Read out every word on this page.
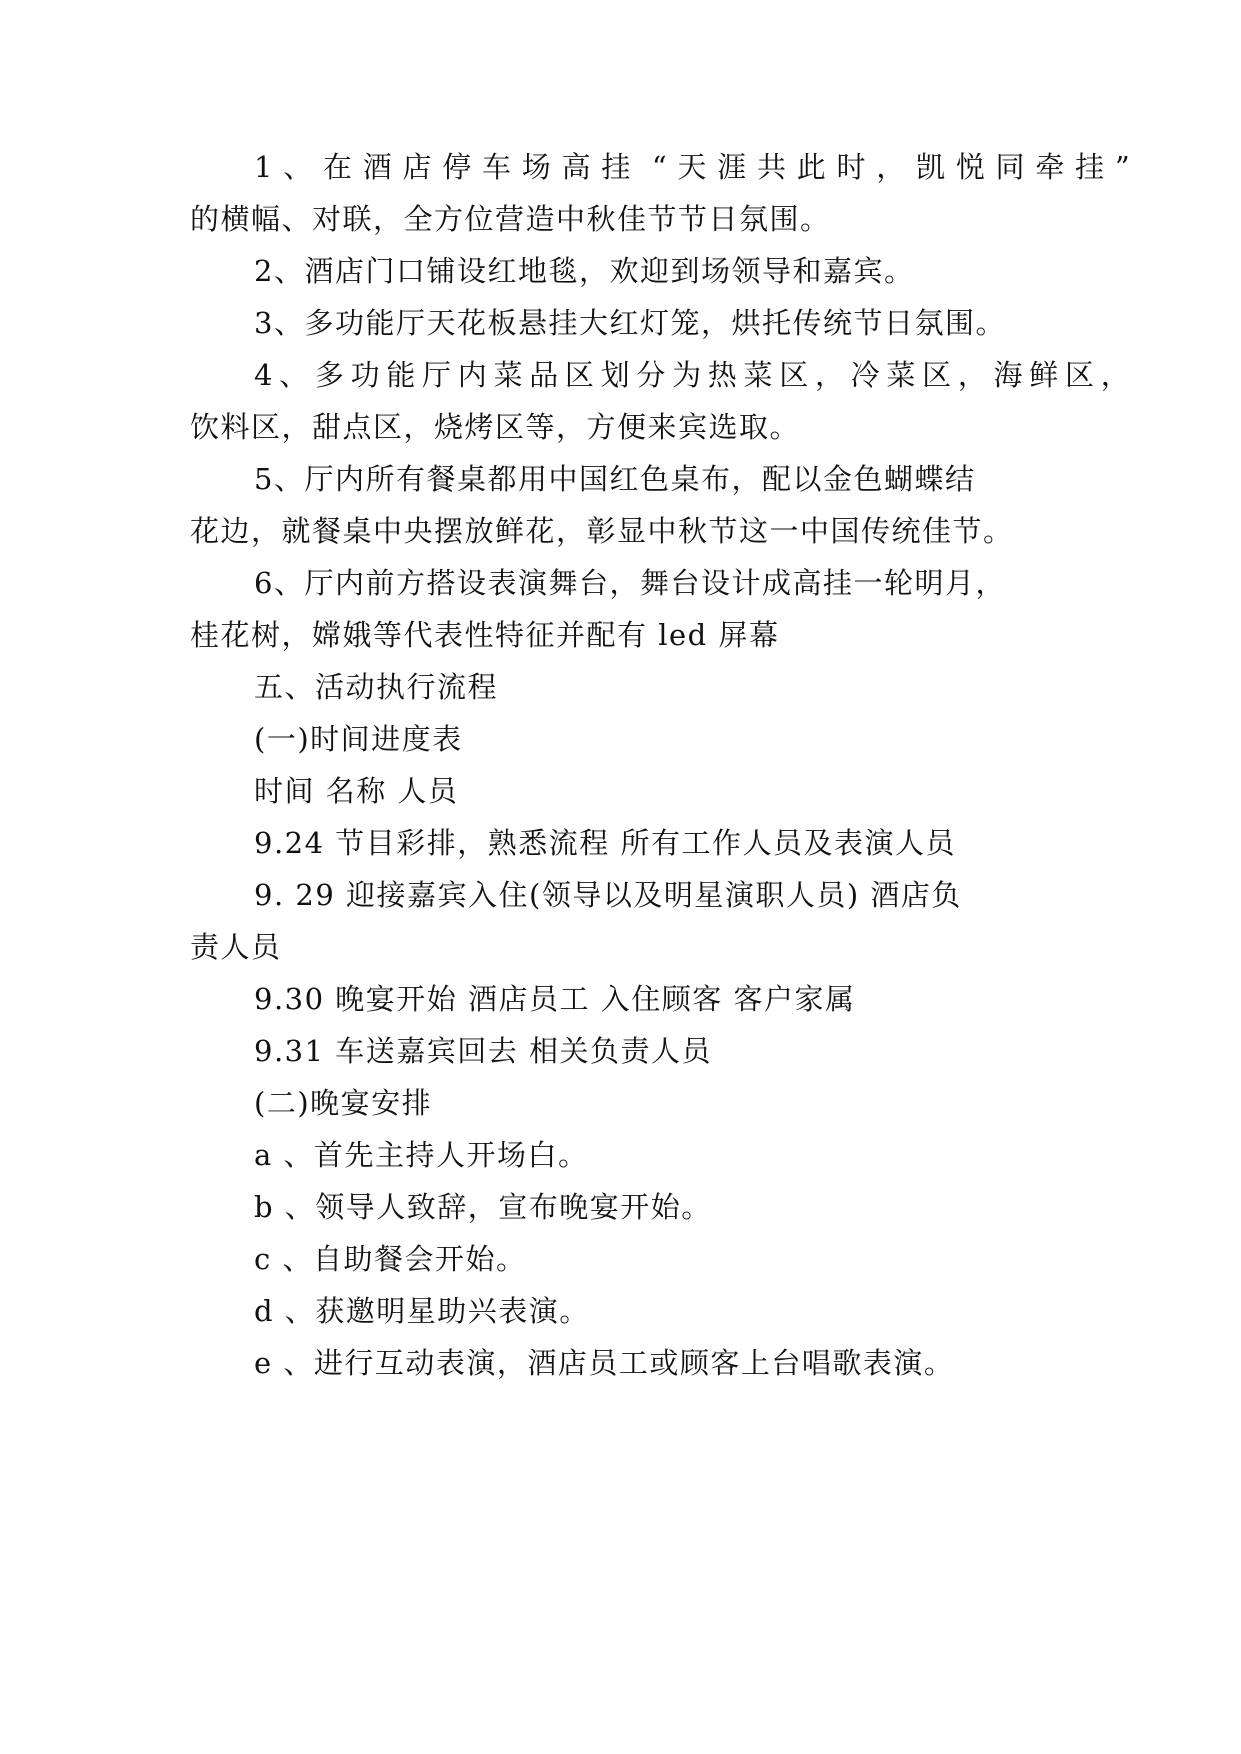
1 、 在 酒 店 停 车 场 高 挂 “ 天 涯 共 此 时 ， 凯 悦 同 牵 挂 ”
的横幅、对联，全方位营造中秋佳节节日氛围。
2、酒店门口铺设红地毯，欢迎到场领导和嘉宾。
3、多功能厅天花板悬挂大红灯笼，烘托传统节日氛围。
4 、 多 功 能 厅 内 菜 品 区 划 分 为 热 菜 区 ， 冷 菜 区 ， 海 鲜 区 ，
饮料区，甜点区，烧烤区等，方便来宾选取。
5、厅内所有餐桌都用中国红色桌布，配以金色蝴蝶结
花边，就餐桌中央摆放鲜花，彰显中秋节这一中国传统佳节。
6、厅内前方搭设表演舞台，舞台设计成高挂一轮明月，
桂花树，嫦娥等代表性特征并配有 led 屏幕
五、活动执行流程
(一)时间进度表
时间 名称 人员
9.24 节目彩排，熟悉流程 所有工作人员及表演人员
9. 29 迎接嘉宾入住(领导以及明星演职人员) 酒店负
责人员
9.30 晚宴开始 酒店员工 入住顾客 客户家属
9.31 车送嘉宾回去 相关负责人员
(二)晚宴安排
a 、首先主持人开场白。
b 、领导人致辞，宣布晚宴开始。
c 、自助餐会开始。
d 、获邀明星助兴表演。
e 、进行互动表演，酒店员工或顾客上台唱歌表演。
